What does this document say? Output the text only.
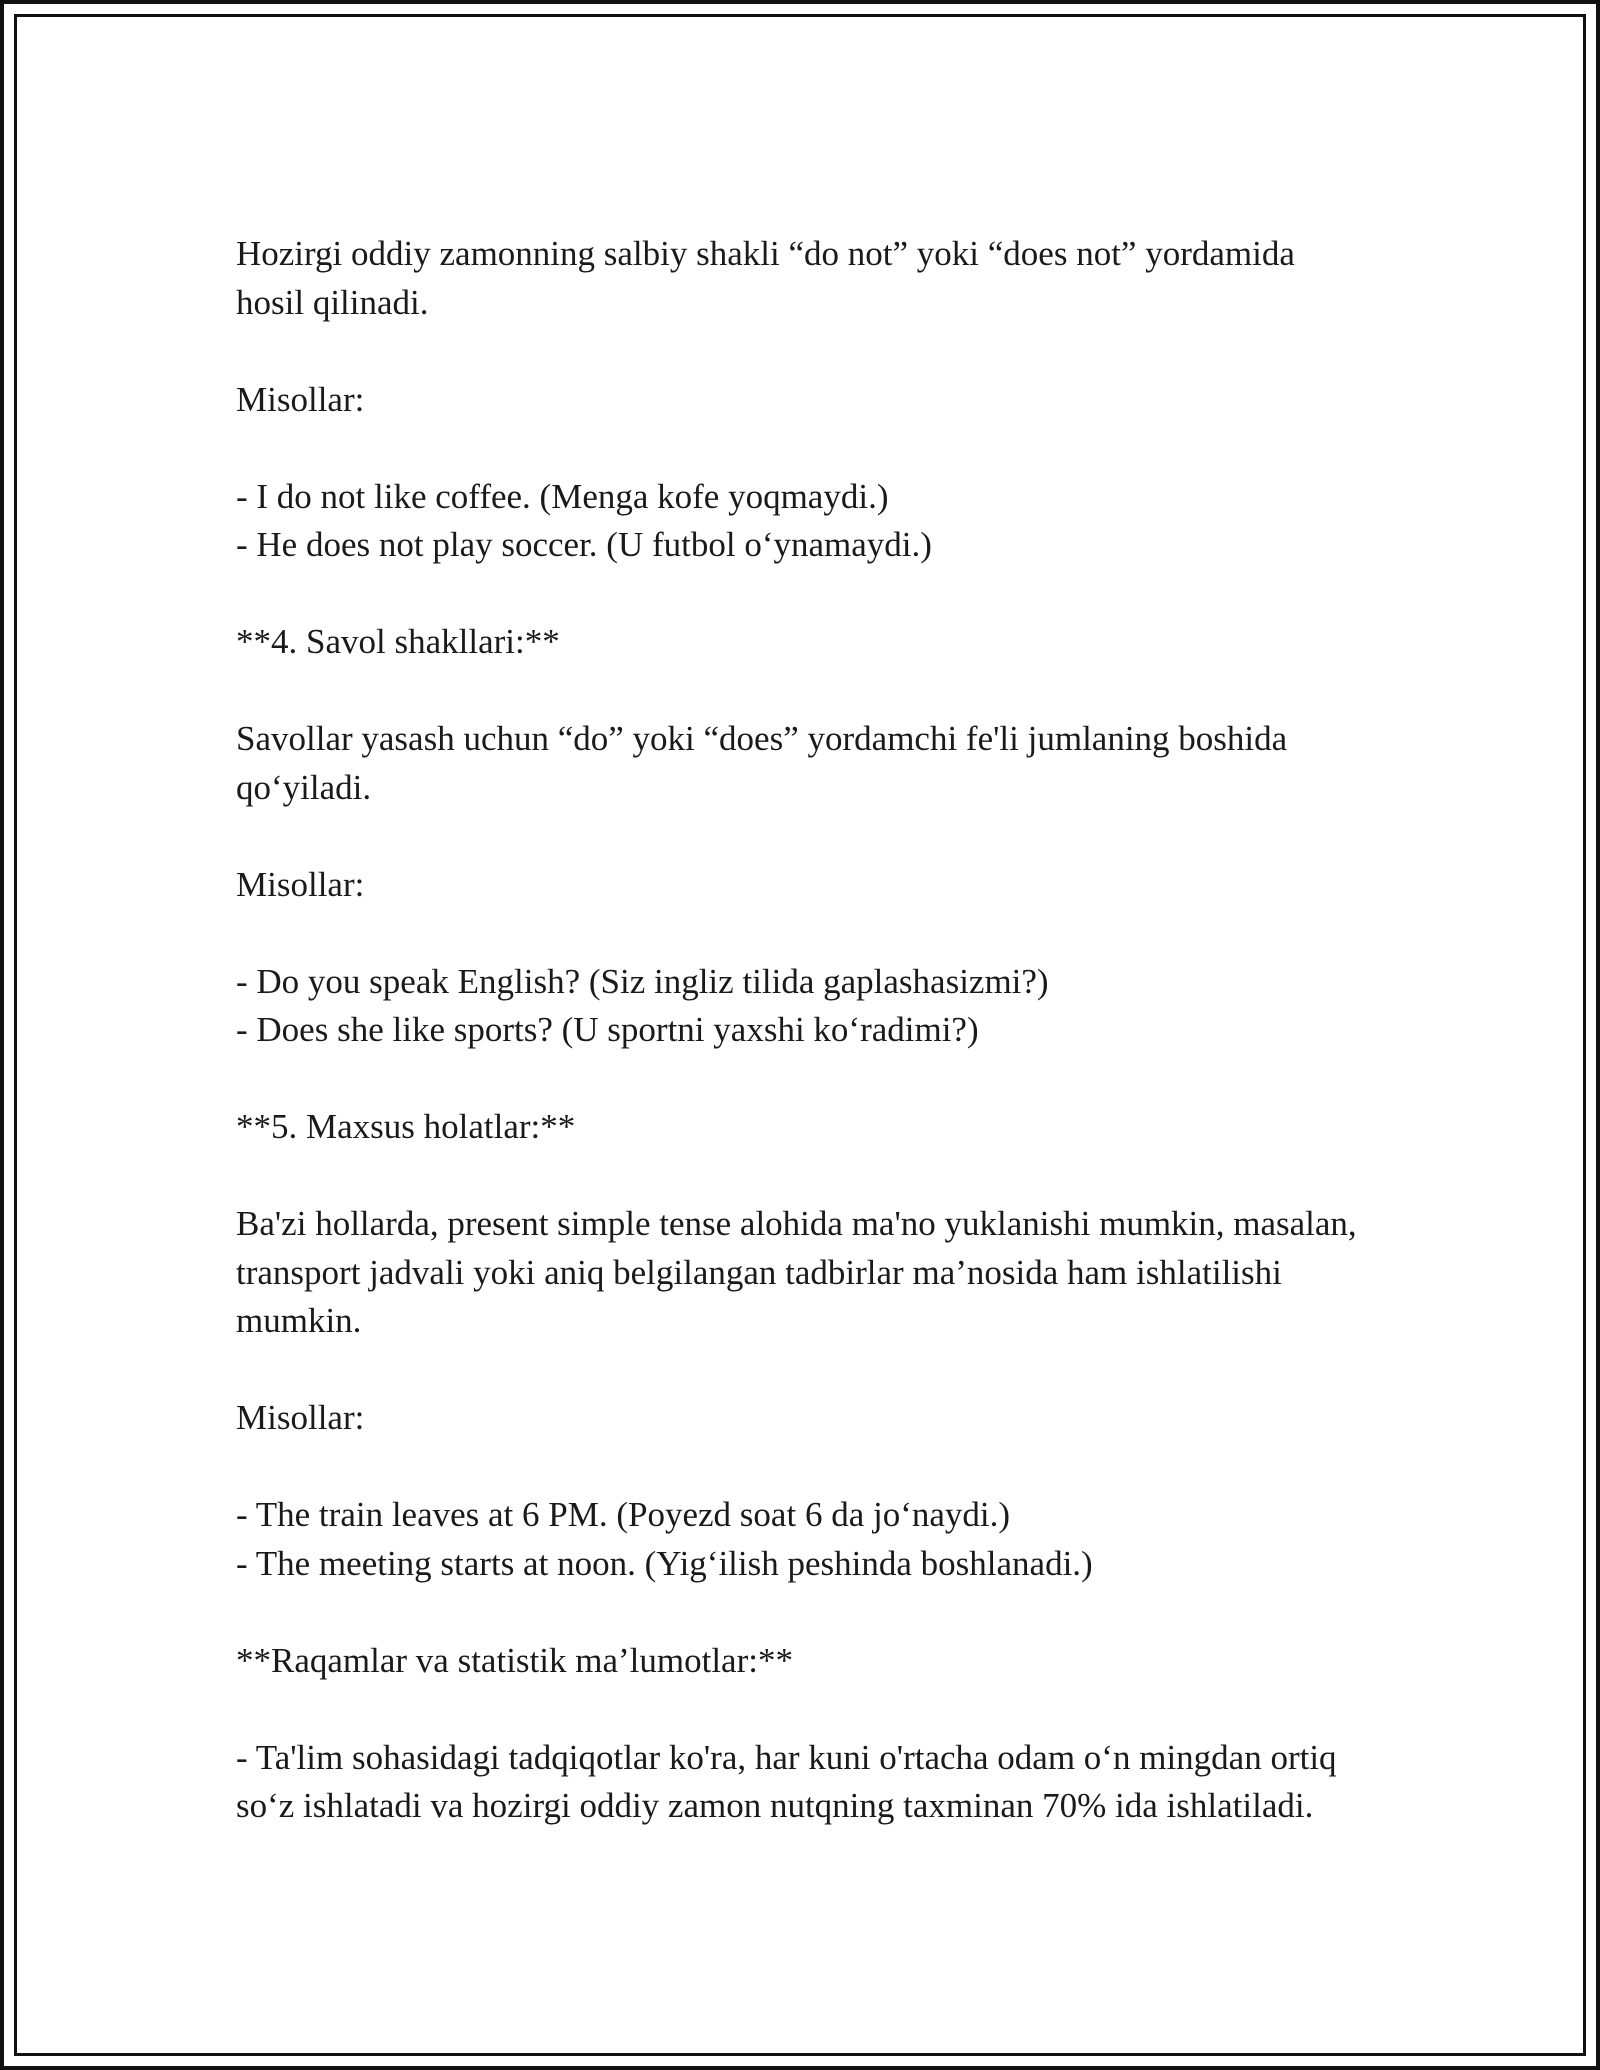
Hozirgi oddiy zamonning salbiy shakli “do not” yoki “does not” yordamida hosil qilinadi.

Misollar:

- I do not like coffee. (Menga kofe yoqmaydi.)
- He does not play soccer. (U futbol o‘ynamaydi.)

**4. Savol shakllari:**

Savollar yasash uchun “do” yoki “does” yordamchi fe'li jumlaning boshida qo‘yiladi.

Misollar:

- Do you speak English? (Siz ingliz tilida gaplashasizmi?)
- Does she like sports? (U sportni yaxshi ko‘radimi?)

**5. Maxsus holatlar:**

Ba'zi hollarda, present simple tense alohida ma'no yuklanishi mumkin, masalan, transport jadvali yoki aniq belgilangan tadbirlar ma’nosida ham ishlatilishi mumkin.

Misollar:

- The train leaves at 6 PM. (Poyezd soat 6 da jo‘naydi.)
- The meeting starts at noon. (Yig‘ilish peshinda boshlanadi.)

**Raqamlar va statistik ma’lumotlar:**

- Ta'lim sohasidagi tadqiqotlar ko'ra, har kuni o'rtacha odam o‘n mingdan ortiq so‘z ishlatadi va hozirgi oddiy zamon nutqning taxminan 70% ida ishlatiladi.
